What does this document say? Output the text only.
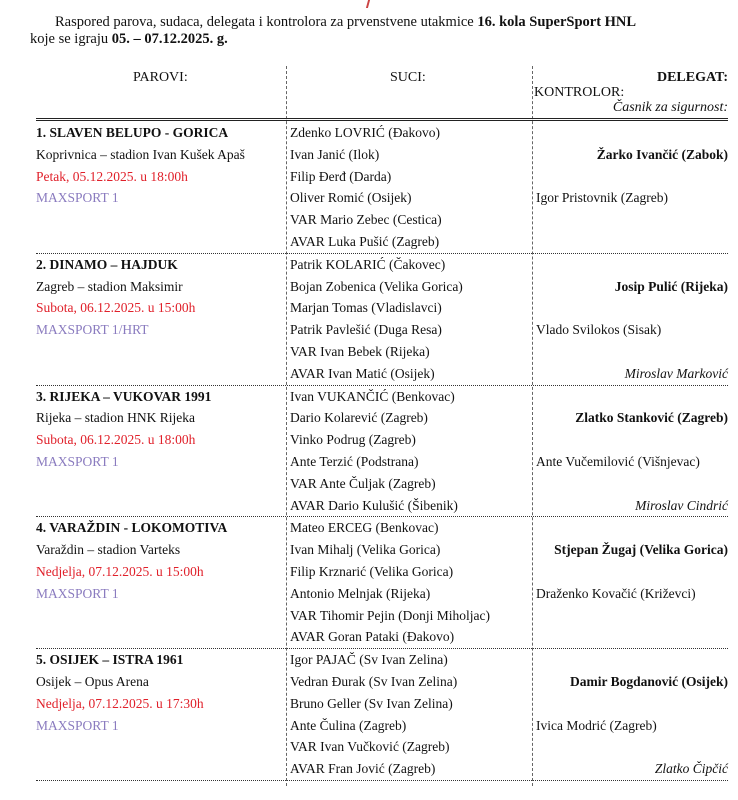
Raspored parova, sudaca, delegata i kontrolora za prvenstvene utakmice 16. kola SuperSport HNL
koje se igraju 05. – 07.12.2025. g.
PAROVI:	SUCI:	DELEGAT:
KONTROLOR:
Časnik za sigurnost:
1. SLAVEN BELUPO - GORICA
Koprivnica – stadion Ivan Kušek Apaš
Petak, 05.12.2025. u 18:00h
MAXSPORT 1
Zdenko LOVRIĆ (Đakovo)
Ivan Janić (Ilok)
Filip Đerđ (Darda)
Oliver Romić (Osijek)
VAR Mario Zebec (Cestica)
AVAR Luka Pušić (Zagreb)
Žarko Ivančić (Zabok)
Igor Pristovnik (Zagreb)
2. DINAMO – HAJDUK
Zagreb – stadion Maksimir
Subota, 06.12.2025. u 15:00h
MAXSPORT 1/HRT
Patrik KOLARIĆ (Čakovec)
Bojan Zobenica (Velika Gorica)
Marjan Tomas (Vladislavci)
Patrik Pavlešić (Duga Resa)
VAR Ivan Bebek (Rijeka)
AVAR Ivan Matić (Osijek)
Josip Pulić (Rijeka)
Vlado Svilokos (Sisak)
Miroslav Marković
3. RIJEKA – VUKOVAR 1991
Rijeka – stadion HNK Rijeka
Subota, 06.12.2025. u 18:00h
MAXSPORT 1
Ivan VUKANČIĆ (Benkovac)
Dario Kolarević (Zagreb)
Vinko Podrug (Zagreb)
Ante Terzić (Podstrana)
VAR Ante Čuljak (Zagreb)
AVAR Dario Kulušić (Šibenik)
Zlatko Stanković (Zagreb)
Ante Vučemilović (Višnjevac)
Miroslav Cindrić
4. VARAŽDIN - LOKOMOTIVA
Varaždin – stadion Varteks
Nedjelja, 07.12.2025. u 15:00h
MAXSPORT 1
Mateo ERCEG (Benkovac)
Ivan Mihalj (Velika Gorica)
Filip Krznarić (Velika Gorica)
Antonio Melnjak (Rijeka)
VAR Tihomir Pejin (Donji Miholjac)
AVAR Goran Pataki (Đakovo)
Stjepan Žugaj (Velika Gorica)
Draženko Kovačić (Križevci)
5. OSIJEK – ISTRA 1961
Osijek – Opus Arena
Nedjelja, 07.12.2025. u 17:30h
MAXSPORT 1
Igor PAJAČ (Sv Ivan Zelina)
Vedran Đurak (Sv Ivan Zelina)
Bruno Geller (Sv Ivan Zelina)
Ante Čulina (Zagreb)
VAR Ivan Vučković (Zagreb)
AVAR Fran Jović (Zagreb)
Damir Bogdanović (Osijek)
Ivica Modrić (Zagreb)
Zlatko Čipčić
